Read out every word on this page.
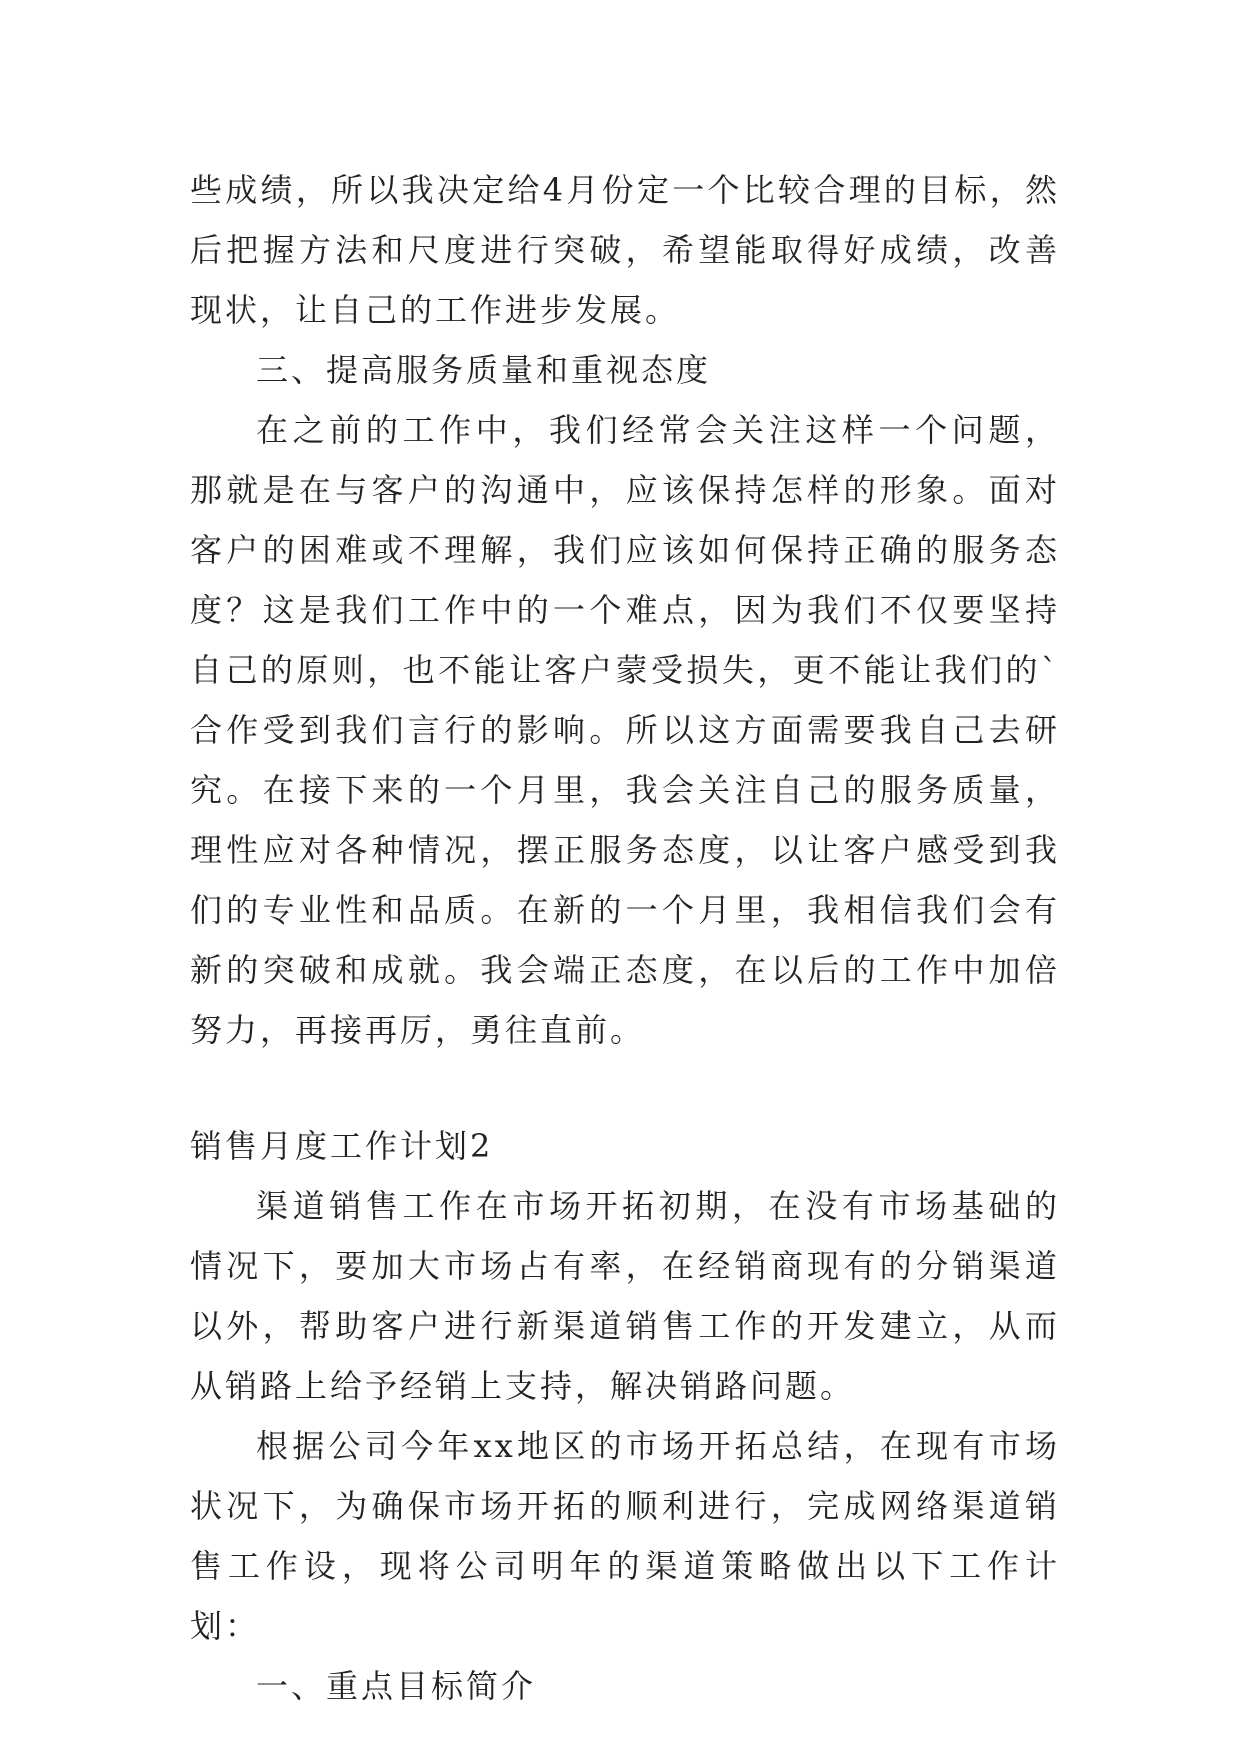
些成绩，所以我决定给4月份定一个比较合理的目标，然后把握方法和尺度进行突破，希望能取得好成绩，改善现状，让自己的工作进步发展。

三、提高服务质量和重视态度

在之前的工作中，我们经常会关注这样一个问题，那就是在与客户的沟通中，应该保持怎样的形象。面对客户的困难或不理解，我们应该如何保持正确的服务态度？这是我们工作中的一个难点，因为我们不仅要坚持自己的原则，也不能让客户蒙受损失，更不能让我们的`合作受到我们言行的影响。所以这方面需要我自己去研究。在接下来的一个月里，我会关注自己的服务质量，理性应对各种情况，摆正服务态度，以让客户感受到我们的专业性和品质。在新的一个月里，我相信我们会有新的突破和成就。我会端正态度，在以后的工作中加倍努力，再接再厉，勇往直前。

销售月度工作计划2

渠道销售工作在市场开拓初期，在没有市场基础的情况下，要加大市场占有率，在经销商现有的分销渠道以外，帮助客户进行新渠道销售工作的开发建立，从而从销路上给予经销上支持，解决销路问题。

根据公司今年xx地区的市场开拓总结，在现有市场状况下，为确保市场开拓的顺利进行，完成网络渠道销售工作设，现将公司明年的渠道策略做出以下工作计划：

一、重点目标简介
